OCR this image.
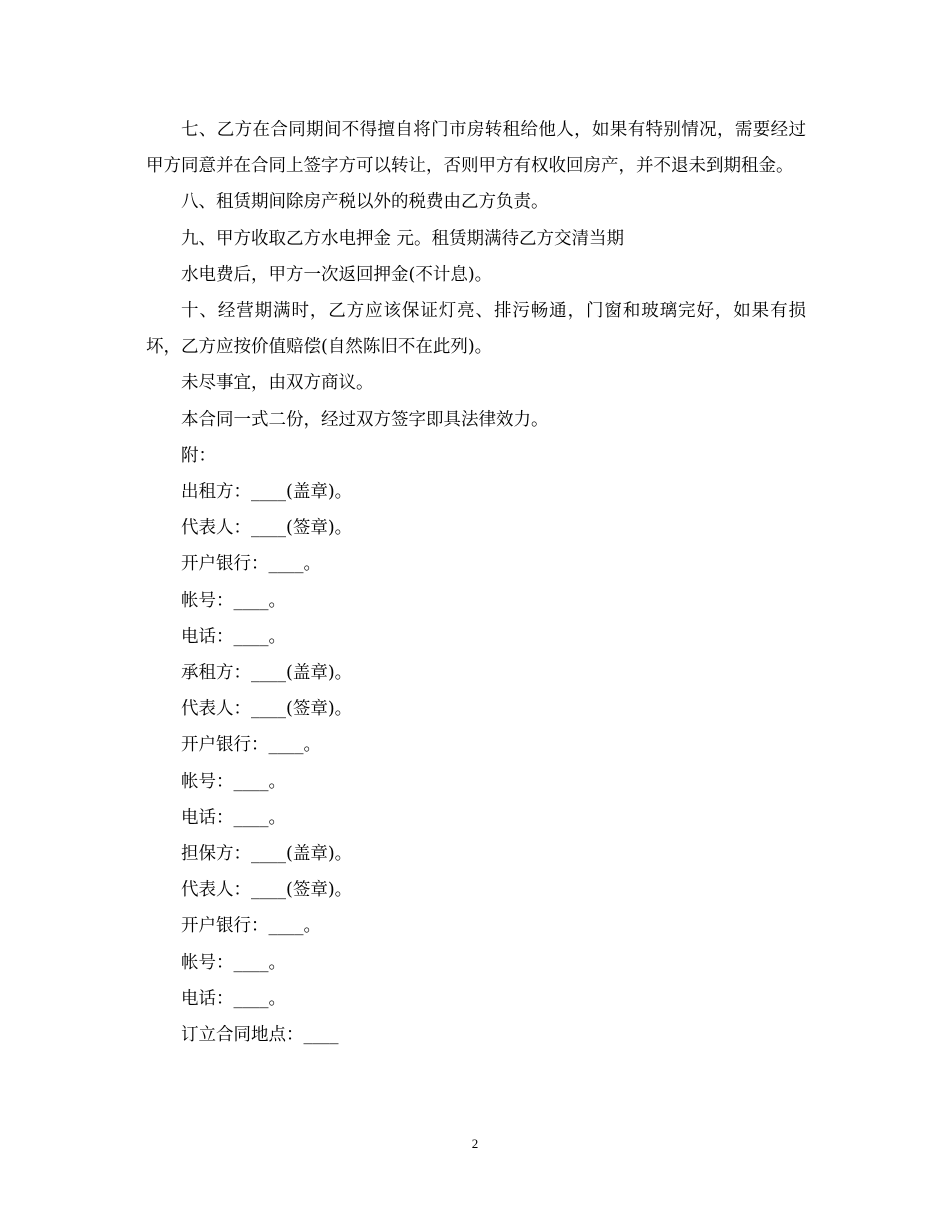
七、乙方在合同期间不得擅自将门市房转租给他人，如果有特别情况，需要经过甲方同意并在合同上签字方可以转让，否则甲方有权收回房产，并不退未到期租金。

八、租赁期间除房产税以外的税费由乙方负责。

九、甲方收取乙方水电押金 元。租赁期满待乙方交清当期

水电费后，甲方一次返回押金(不计息)。

十、经营期满时，乙方应该保证灯亮、排污畅通，门窗和玻璃完好，如果有损坏，乙方应按价值赔偿(自然陈旧不在此列)。

未尽事宜，由双方商议。

本合同一式二份，经过双方签字即具法律效力。

附：

出租方：____(盖章)。

代表人：____(签章)。

开户银行：____。

帐号：____。

电话：____。

承租方：____(盖章)。

代表人：____(签章)。

开户银行：____。

帐号：____。

电话：____。

担保方：____(盖章)。

代表人：____(签章)。

开户银行：____。

帐号：____。

电话：____。

订立合同地点：____

2
